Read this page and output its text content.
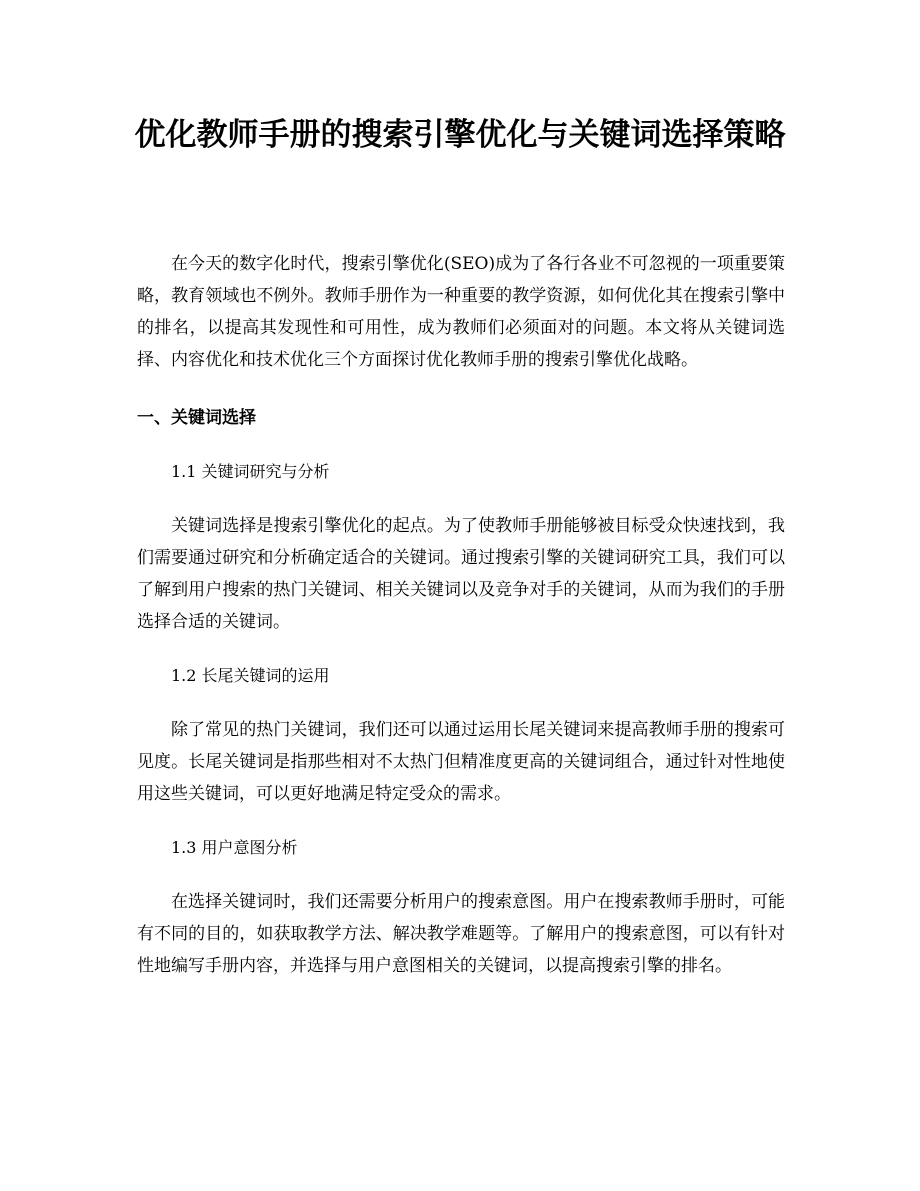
优化教师手册的搜索引擎优化与关键词选择策略

在今天的数字化时代，搜索引擎优化(SEO)成为了各行各业不可忽视的一项重要策略，教育领域也不例外。教师手册作为一种重要的教学资源，如何优化其在搜索引擎中的排名，以提高其发现性和可用性，成为教师们必须面对的问题。本文将从关键词选择、内容优化和技术优化三个方面探讨优化教师手册的搜索引擎优化战略。

一、关键词选择

1.1 关键词研究与分析

关键词选择是搜索引擎优化的起点。为了使教师手册能够被目标受众快速找到，我们需要通过研究和分析确定适合的关键词。通过搜索引擎的关键词研究工具，我们可以了解到用户搜索的热门关键词、相关关键词以及竞争对手的关键词，从而为我们的手册选择合适的关键词。

1.2 长尾关键词的运用

除了常见的热门关键词，我们还可以通过运用长尾关键词来提高教师手册的搜索可见度。长尾关键词是指那些相对不太热门但精准度更高的关键词组合，通过针对性地使用这些关键词，可以更好地满足特定受众的需求。

1.3 用户意图分析

在选择关键词时，我们还需要分析用户的搜索意图。用户在搜索教师手册时，可能有不同的目的，如获取教学方法、解决教学难题等。了解用户的搜索意图，可以有针对性地编写手册内容，并选择与用户意图相关的关键词，以提高搜索引擎的排名。
